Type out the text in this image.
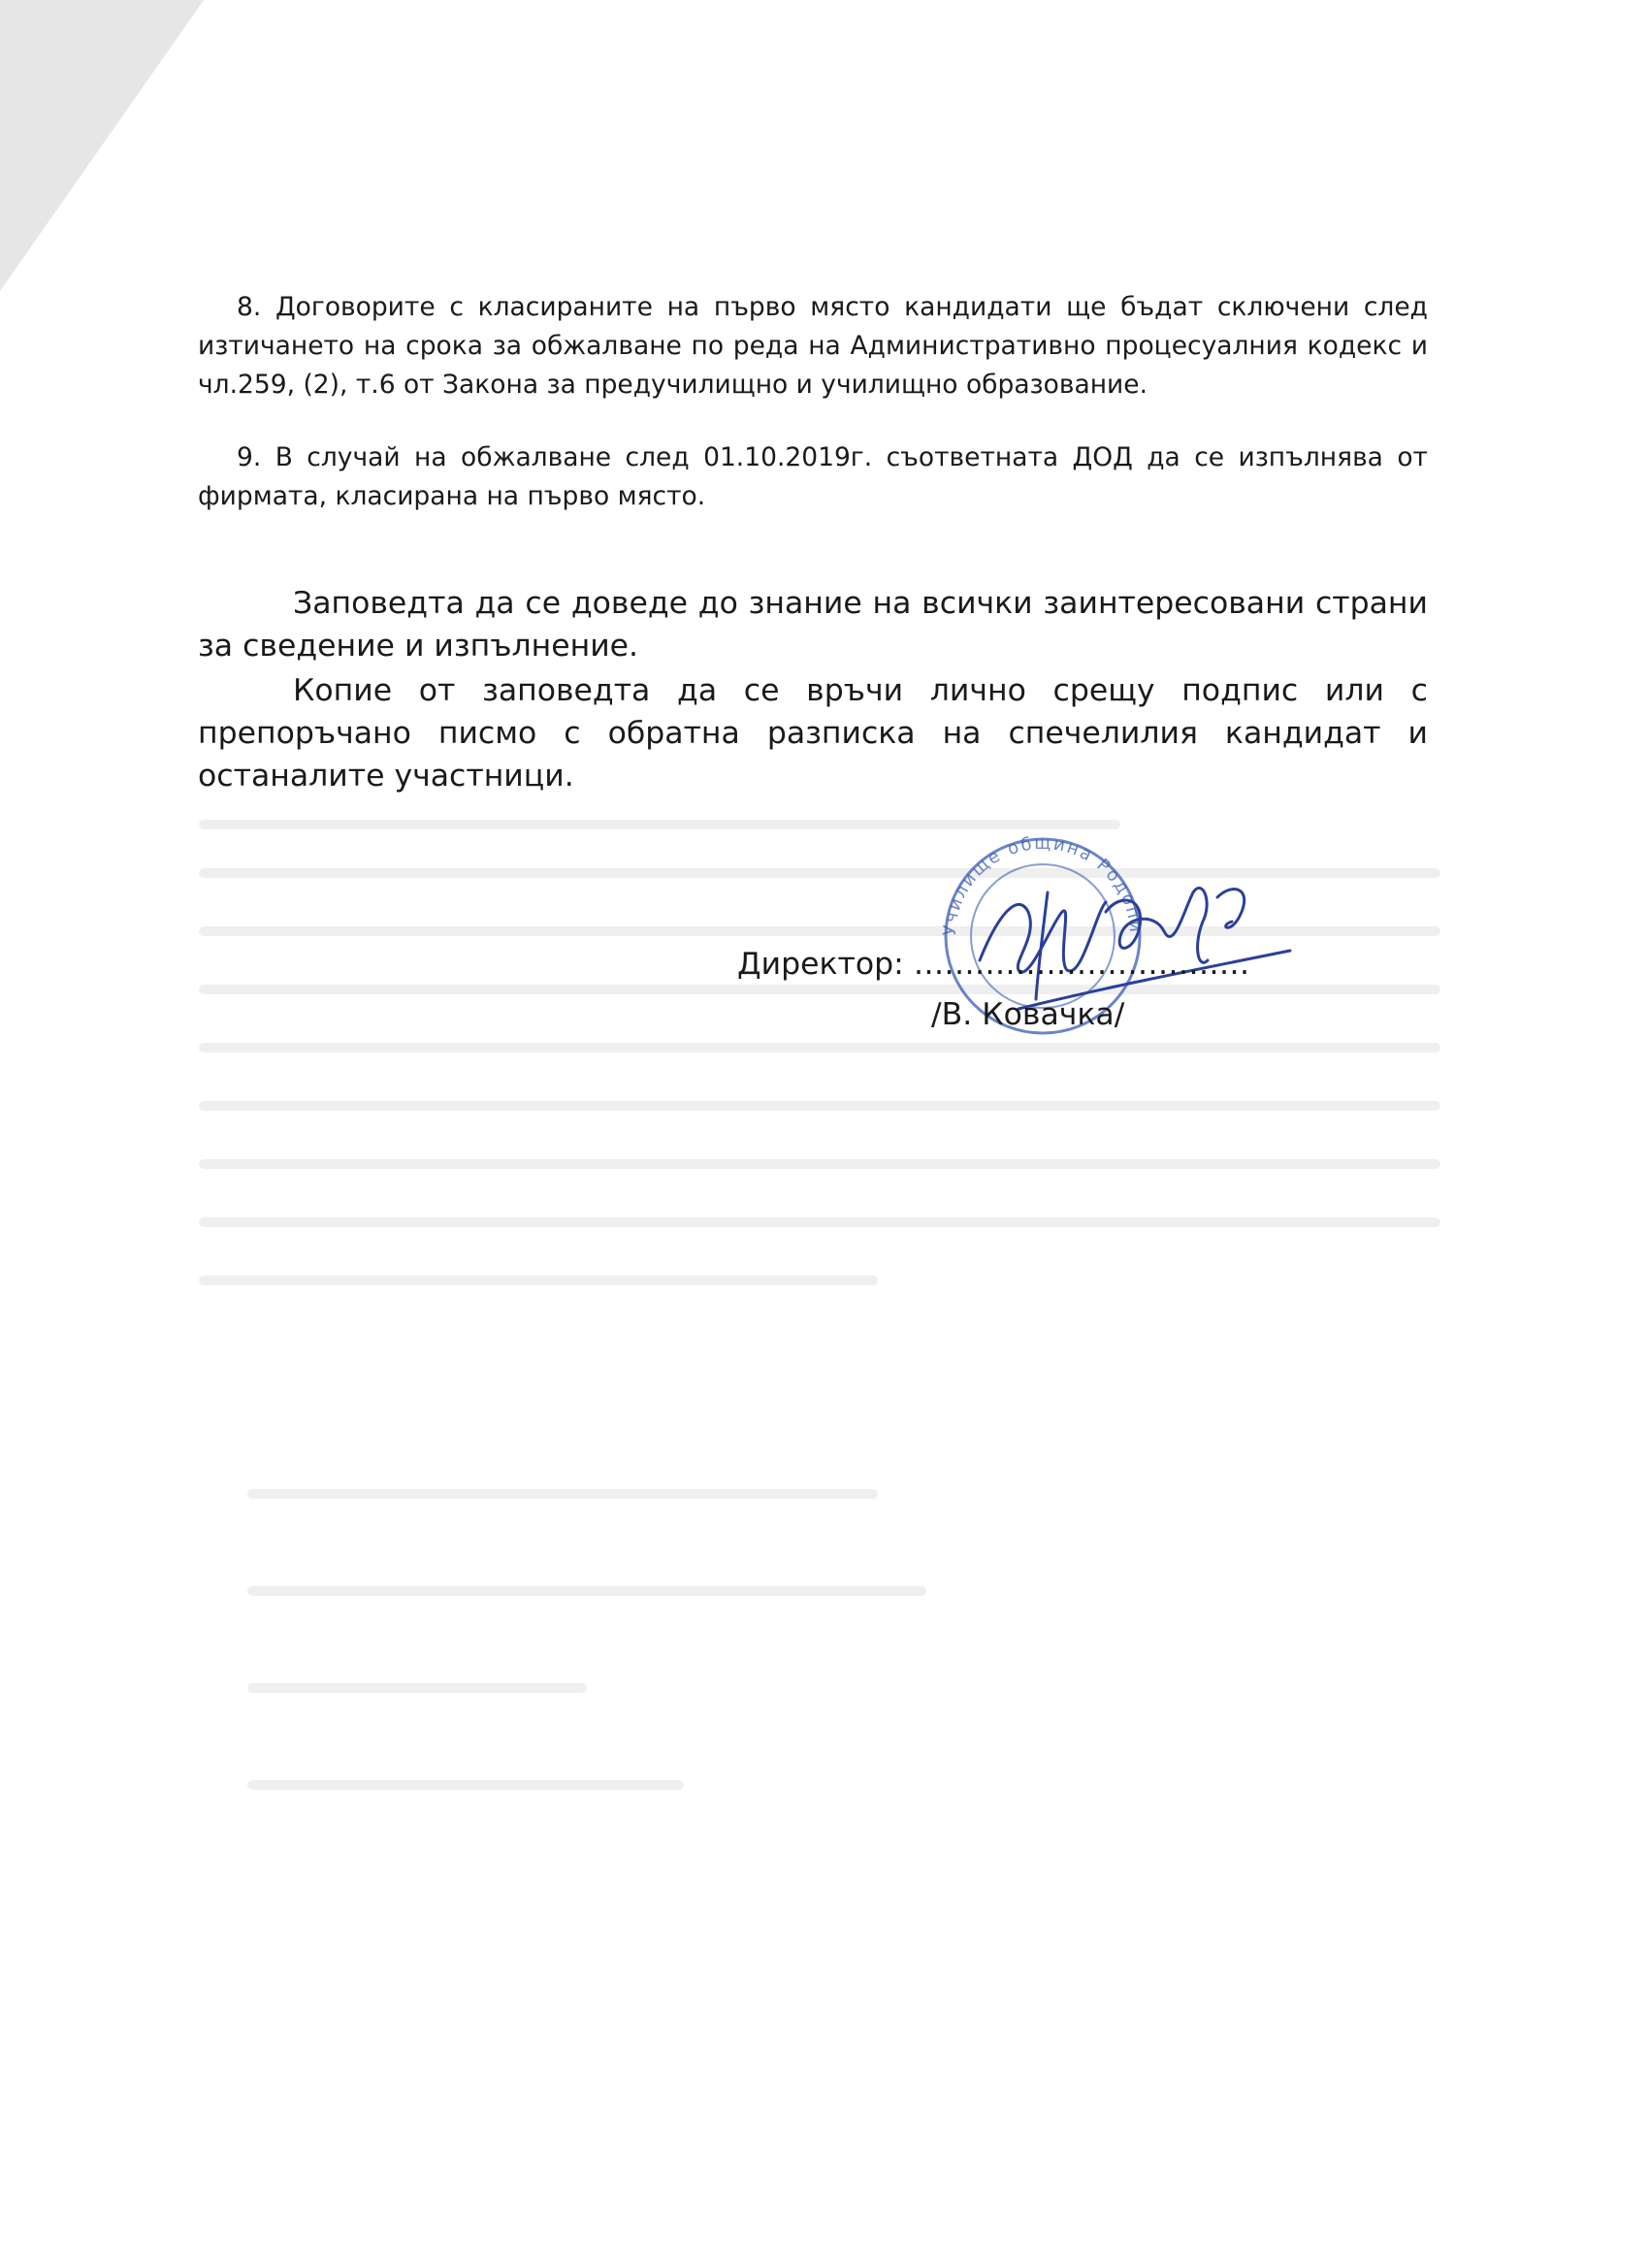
8. Договорите с класираните на първо място кандидати ще бъдат сключени след изтичането на срока за обжалване по реда на Административно процесуалния кодекс и чл.259, (2), т.6 от Закона за предучилищно и училищно образование.

9. В случай на обжалване след 01.10.2019г. съответната ДОД да се изпълнява от фирмата, класирана на първо място.

Заповедта да се доведе до знание на всички заинтересовани страни за сведение и изпълнение.

Копие от заповедта да се връчи лично срещу подпис или с препоръчано писмо с обратна разписка на спечелилия кандидат и останалите участници.

Училище община Родопи
Директор: ……………………………
/В. Ковачка/
